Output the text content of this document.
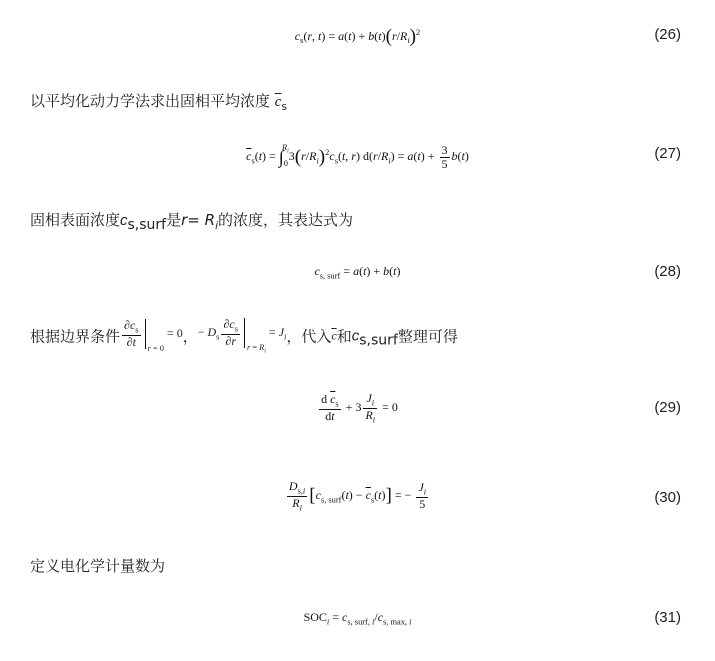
$c_s(r$, $t) = a(t) + b(t)(r/R_i)^2$	(26)
以平均化动力学法求出固相平均浓度 $\overline{c}_s$
$\overline{c}_s(t) = \int_0^{R_i}3(r/R_i)^2c_s(t$, r) $d(r/R_i) = a(t) + \frac{3}{5} b(t)$	(27)
固相表面浓度$c_{s,surf}$是$r= R_i$的浓度，其表达式为
$c_{s, surf} = a(t) + b(t)$	(28)
根据边界条件 $\frac{\partial c_s}{\partial t} _{r = 0} = 0$，− $D_s \frac{\partial c_s}{\partial r} _{r = R_i} = J_i$，代入$\overline{c}$和$c_{s,surf}$整理可得
$\frac{d \overline{c}_s}{dt} + 3 \frac{J_i}{R_i} = 0$	(29)
$\frac{D_{s,i}}{R_i} [c_{s, surf}(t) - \overline{c}_s(t)]$ = − $\frac{J_i}{5}$	(30)
定义电化学计量数为
$SOC_i = c_{s, surf, i}/c_{s, max, i}$	(31)
